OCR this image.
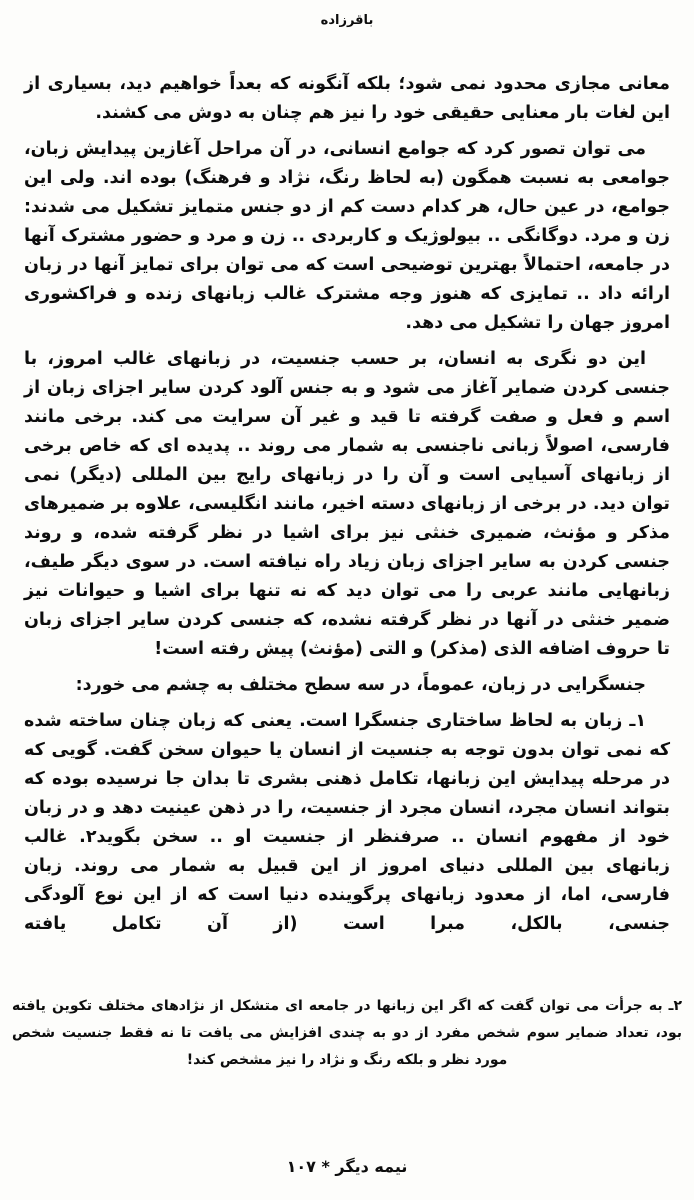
باقرزاده

معانی مجازی محدود نمی شود؛ بلکه آنگونه که بعداً خواهیم دید، بسیاری از این لغات بار معنایی حقیقی خود را نیز هم چنان به دوش می کشند.

می توان تصور کرد که جوامع انسانی، در آن مراحل آغازین پیدایش زبان، جوامعی به نسبت همگون (به لحاظ رنگ، نژاد و فرهنگ) بوده اند. ولی این جوامع، در عین حال، هر کدام دست کم از دو جنس متمایز تشکیل می شدند: زن و مرد. دوگانگی .. بیولوژیک و کاربردی .. زن و مرد و حضور مشترک آنها در جامعه، احتمالاً بهترین توضیحی است که می توان برای تمایز آنها در زبان ارائه داد .. تمایزی که هنوز وجه مشترک غالب زبانهای زنده و فراکشوری امروز جهان را تشکیل می دهد.

این دو نگری به انسان، بر حسب جنسیت، در زبانهای غالب امروز، با جنسی کردن ضمایر آغاز می شود و به جنس آلود کردن سایر اجزای زبان از اسم و فعل و صفت گرفته تا قید و غیر آن سرایت می کند. برخی مانند فارسی، اصولاً زبانی ناجنسی به شمار می روند .. پدیده ای که خاص برخی از زبانهای آسیایی است و آن را در زبانهای رایج بین المللی (دیگر) نمی توان دید. در برخی از زبانهای دسته اخیر، مانند انگلیسی، علاوه بر ضمیرهای مذکر و مؤنث، ضمیری خنثی نیز برای اشیا در نظر گرفته شده، و روند جنسی کردن به سایر اجزای زبان زیاد راه نیافته است. در سوی دیگر طیف، زبانهایی مانند عربی را می توان دید که نه تنها برای اشیا و حیوانات نیز ضمیر خنثی در آنها در نظر گرفته نشده، که جنسی کردن سایر اجزای زبان تا حروف اضافه الذی (مذکر) و التی (مؤنث) پیش رفته است!

جنسگرایی در زبان، عموماً، در سه سطح مختلف به چشم می خورد:

۱ـ زبان به لحاظ ساختاری جنسگرا است. یعنی که زبان چنان ساخته شده که نمی توان بدون توجه به جنسیت از انسان یا حیوان سخن گفت. گویی که در مرحله پیدایش این زبانها، تکامل ذهنی بشری تا بدان جا نرسیده بوده که بتواند انسان مجرد، انسان مجرد از جنسیت، را در ذهن عینیت دهد و در زبان خود از مفهوم انسان .. صرفنظر از جنسیت او .. سخن بگوید۲. غالب زبانهای بین المللی دنیای امروز از این قبیل به شمار می روند. زبان فارسی، اما، از معدود زبانهای پرگوینده دنیا است که از این نوع آلودگی جنسی، بالکل، مبرا است (از آن تکامل یافته

۲ـ به جرأت می توان گفت که اگر این زبانها در جامعه ای متشکل از نژادهای مختلف تکوین یافته بود، تعداد ضمایر سوم شخص مفرد از دو به چندی افزایش می یافت تا نه فقط جنسیت شخص مورد نظر و بلکه رنگ و نژاد را نیز مشخص کند!

نیمه دیگر * ۱۰۷
